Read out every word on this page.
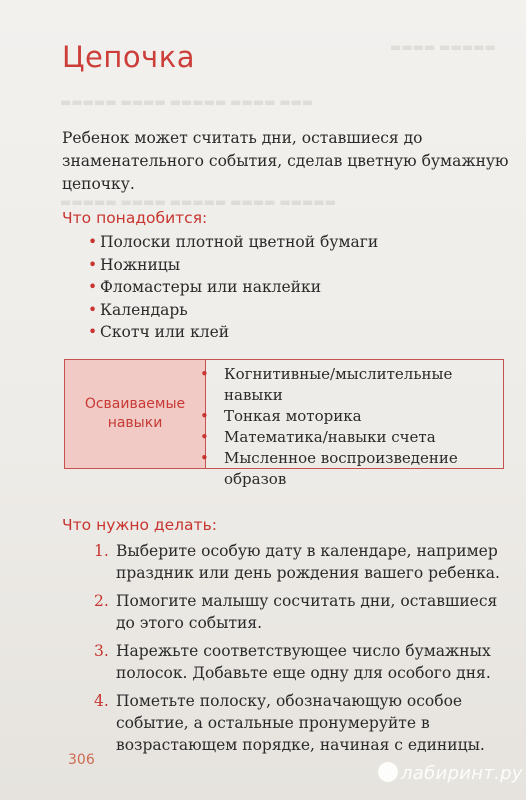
▬▬▬▬ ▬▬▬▬▬
▬▬▬▬▬ ▬▬▬▬ ▬▬▬▬▬ ▬▬▬▬ ▬▬▬
▬▬▬▬▬ ▬▬▬▬ ▬▬▬▬▬ ▬▬▬▬ ▬▬▬▬▬
Цепочка
Ребенок может считать дни, оставшиеся до знаменательного события, сделав цветную бумажную цепочку.
Что понадобится:
• Полоски плотной цветной бумаги
• Ножницы
• Фломастеры или наклейки
• Календарь
• Скотч или клей
Осваиваемые навыки
• Когнитивные/мыслительные навыки
• Тонкая моторика
• Математика/навыки счета
• Мысленное воспроизведение образов
Что нужно делать:
1. Выберите особую дату в календаре, например праздник или день рождения вашего ребенка.
2. Помогите малышу сосчитать дни, оставшиеся до этого события.
3. Нарежьте соответствующее число бумажных полосок. Добавьте еще одну для особого дня.
4. Пометьте полоску, обозначающую особое событие, а остальные пронумеруйте в возрастающем порядке, начиная с единицы.
306
лабиринт.ру
